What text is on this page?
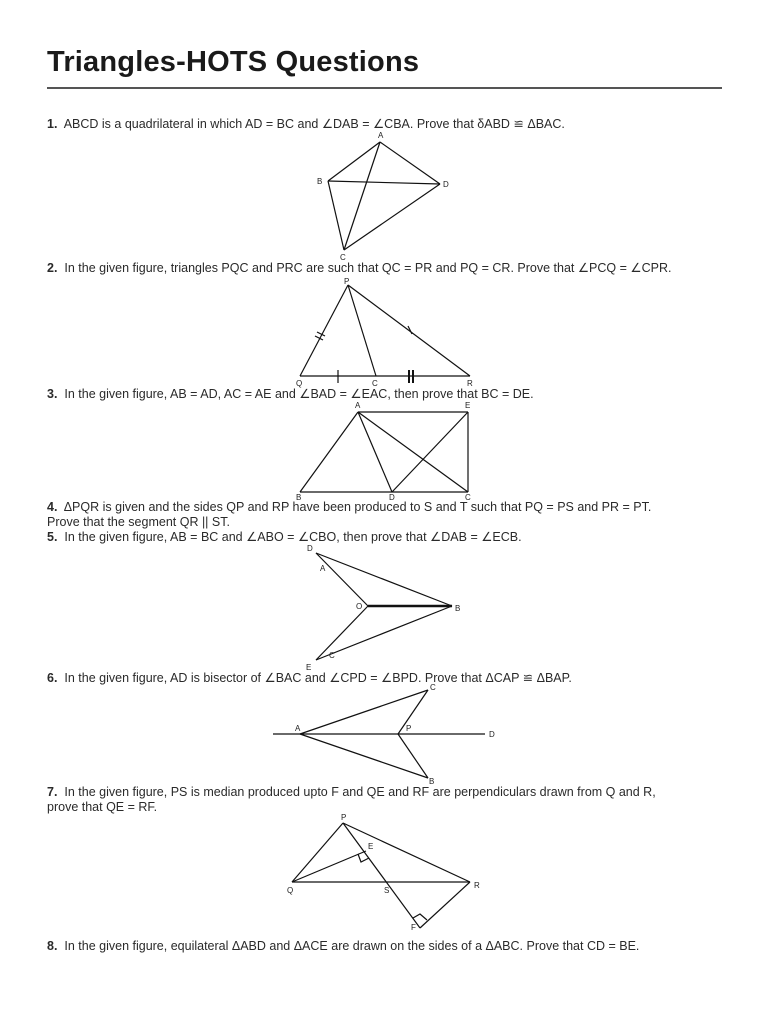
Triangles-HOTS Questions
1. ABCD is a quadrilateral in which AD = BC and ∠DAB = ∠CBA. Prove that δABD ≌ ΔBAC.
2. In the given figure, triangles PQC and PRC are such that QC = PR and PQ = CR. Prove that ∠PCQ = ∠CPR.
3. In the given figure, AB = AD, AC = AE and ∠BAD = ∠EAC, then prove that BC = DE.
4. ΔPQR is given and the sides QP and RP have been produced to S and T such that PQ = PS and PR = PT.
Prove that the segment QR || ST.
5. In the given figure, AB = BC and ∠ABO = ∠CBO, then prove that ∠DAB = ∠ECB.
6. In the given figure, AD is bisector of ∠BAC and ∠CPD = ∠BPD. Prove that ΔCAP ≌ ΔBAP.
7. In the given figure, PS is median produced upto F and QE and RF are perpendiculars drawn from Q and R,
prove that QE = RF.
8. In the given figure, equilateral ΔABD and ΔACE are drawn on the sides of a ΔABC. Prove that CD = BE.
A
B	D
C
P
Q	C	R
A	E
B	D	C
D
A
O	B
C
E
C
A	P
D
B
P
E
Q	S
R
F
